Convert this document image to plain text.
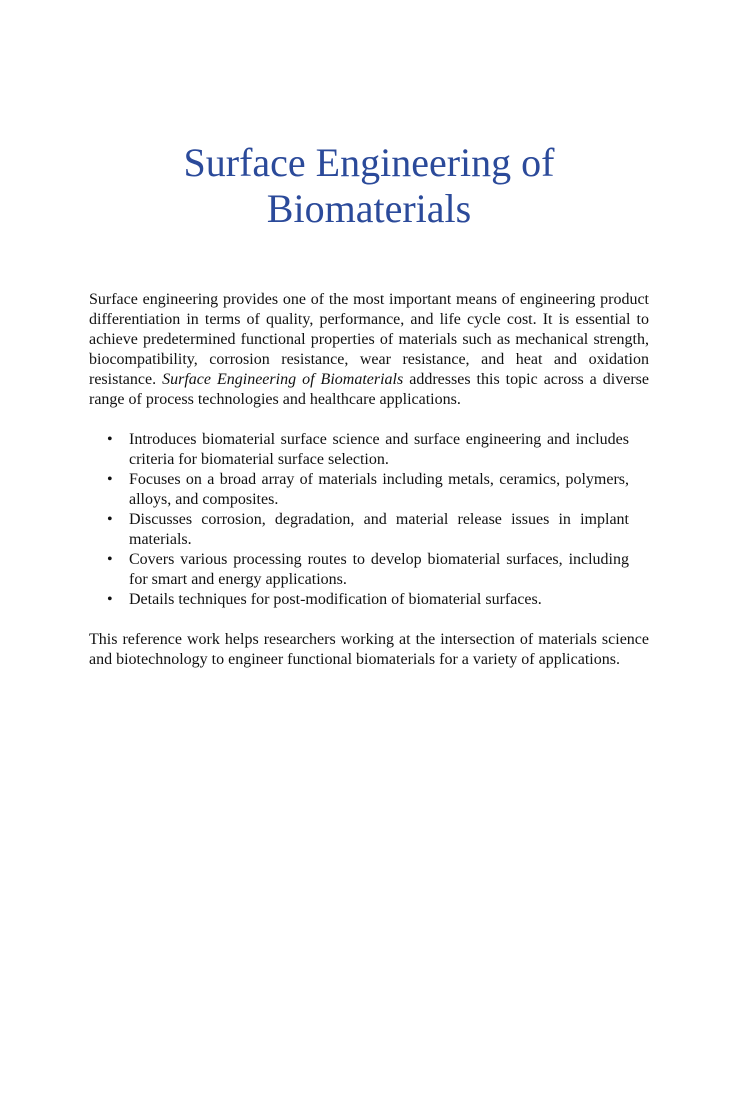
Surface Engineering of
Biomaterials

Surface engineering provides one of the most important means of engineering product differentiation in terms of quality, performance, and life cycle cost. It is essential to achieve predetermined functional properties of materials such as mechanical strength, biocompatibility, corrosion resistance, wear resistance, and heat and oxidation resistance. Surface Engineering of Biomaterials addresses this topic across a diverse range of process technologies and healthcare applications.

• Introduces biomaterial surface science and surface engineering and includes criteria for biomaterial surface selection.
• Focuses on a broad array of materials including metals, ceramics, polymers, alloys, and composites.
• Discusses corrosion, degradation, and material release issues in implant materials.
• Covers various processing routes to develop biomaterial surfaces, including for smart and energy applications.
• Details techniques for post-modification of biomaterial surfaces.

This reference work helps researchers working at the intersection of materials science and biotechnology to engineer functional biomaterials for a variety of applications.
